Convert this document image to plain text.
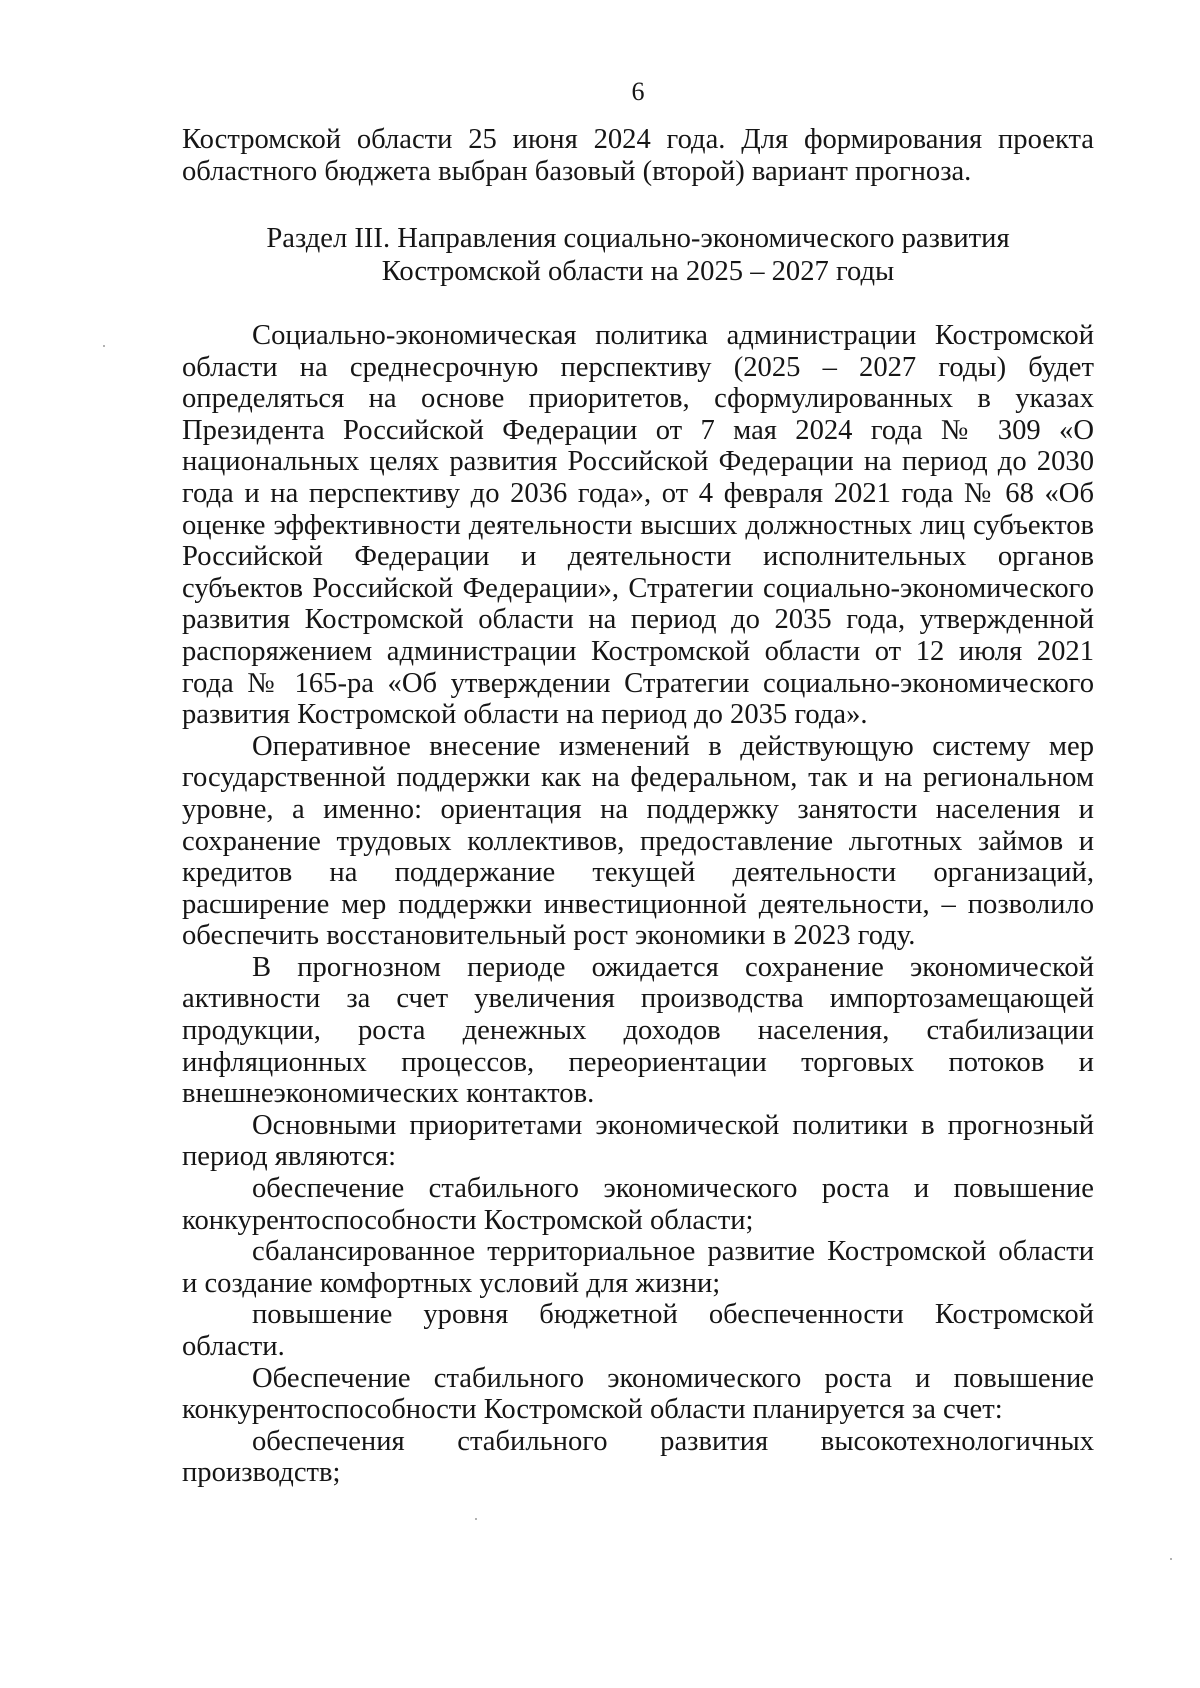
6

Костромской области 25 июня 2024 года. Для формирования проекта областного бюджета выбран базовый (второй) вариант прогноза.

Раздел III. Направления социально-экономического развития
Костромской области на 2025 – 2027 годы

Социально-экономическая политика администрации Костромской области на среднесрочную перспективу (2025 – 2027 годы) будет определяться на основе приоритетов, сформулированных в указах Президента Российской Федерации от 7 мая 2024 года № 309 «О национальных целях развития Российской Федерации на период до 2030 года и на перспективу до 2036 года», от 4 февраля 2021 года № 68 «Об оценке эффективности деятельности высших должностных лиц субъектов Российской Федерации и деятельности исполнительных органов субъектов Российской Федерации», Стратегии социально-экономического развития Костромской области на период до 2035 года, утвержденной распоряжением администрации Костромской области от 12 июля 2021 года № 165-ра «Об утверждении Стратегии социально-экономического развития Костромской области на период до 2035 года».

Оперативное внесение изменений в действующую систему мер государственной поддержки как на федеральном, так и на региональном уровне, а именно: ориентация на поддержку занятости населения и сохранение трудовых коллективов, предоставление льготных займов и кредитов на поддержание текущей деятельности организаций, расширение мер поддержки инвестиционной деятельности, – позволило обеспечить восстановительный рост экономики в 2023 году.

В прогнозном периоде ожидается сохранение экономической активности за счет увеличения производства импортозамещающей продукции, роста денежных доходов населения, стабилизации инфляционных процессов, переориентации торговых потоков и внешнеэкономических контактов.

Основными приоритетами экономической политики в прогнозный период являются:

обеспечение стабильного экономического роста и повышение конкурентоспособности Костромской области;

сбалансированное территориальное развитие Костромской области и создание комфортных условий для жизни;

повышение уровня бюджетной обеспеченности Костромской области.

Обеспечение стабильного экономического роста и повышение конкурентоспособности Костромской области планируется за счет:

обеспечения стабильного развития высокотехнологичных производств;
